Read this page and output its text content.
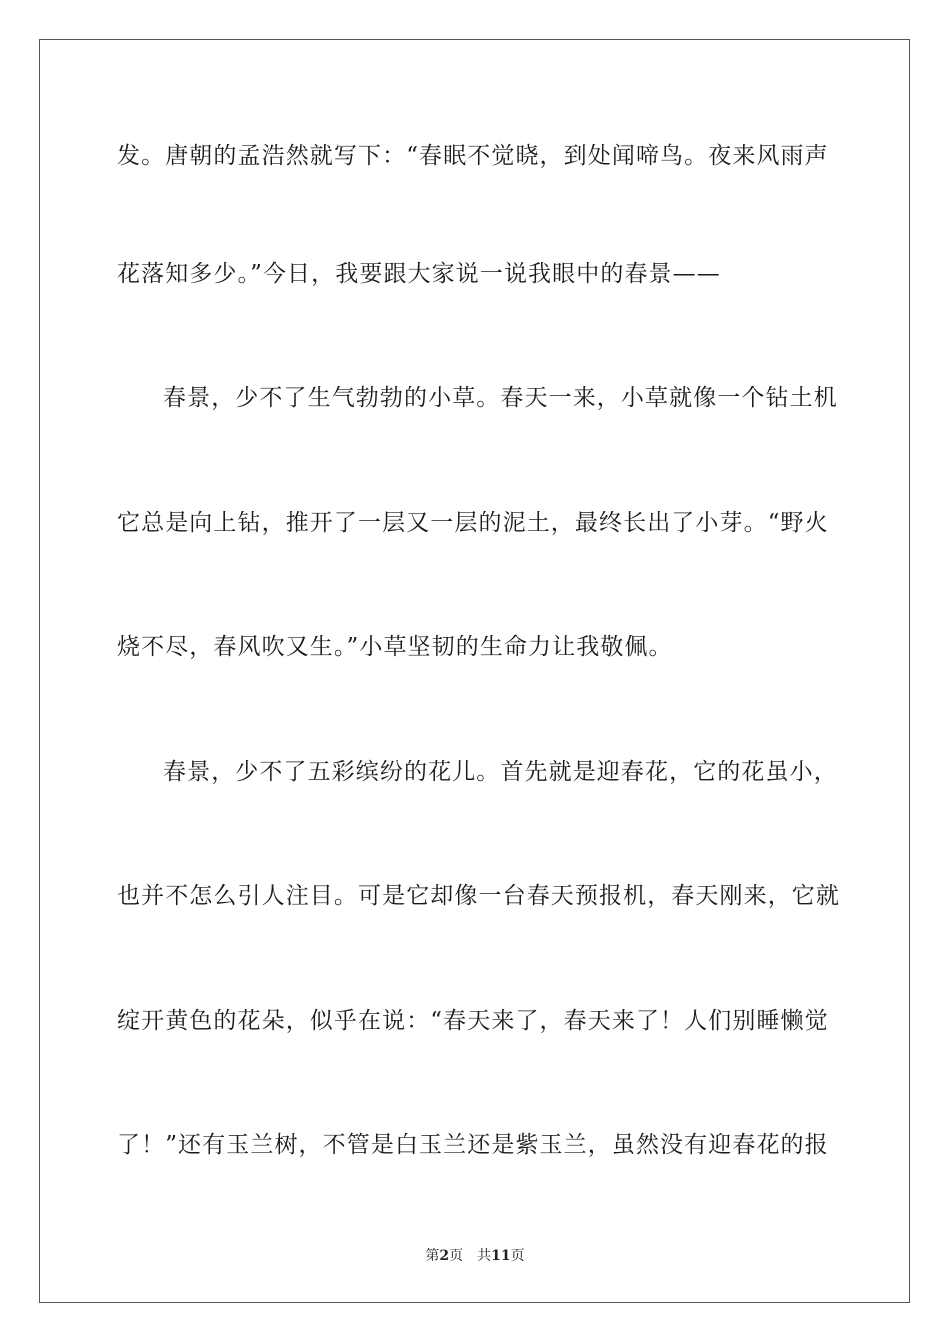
发。唐朝的孟浩然就写下：“春眠不觉晓，到处闻啼鸟。夜来风雨声
花落知多少。”今日，我要跟大家说一说我眼中的春景——
春景，少不了生气勃勃的小草。春天一来，小草就像一个钻土机
它总是向上钻，推开了一层又一层的泥土，最终长出了小芽。“野火
烧不尽，春风吹又生。”小草坚韧的生命力让我敬佩。
春景，少不了五彩缤纷的花儿。首先就是迎春花，它的花虽小，
也并不怎么引人注目。可是它却像一台春天预报机，春天刚来，它就
绽开黄色的花朵，似乎在说：“春天来了，春天来了！人们别睡懒觉
了！”还有玉兰树，不管是白玉兰还是紫玉兰，虽然没有迎春花的报
第2页 共11页
